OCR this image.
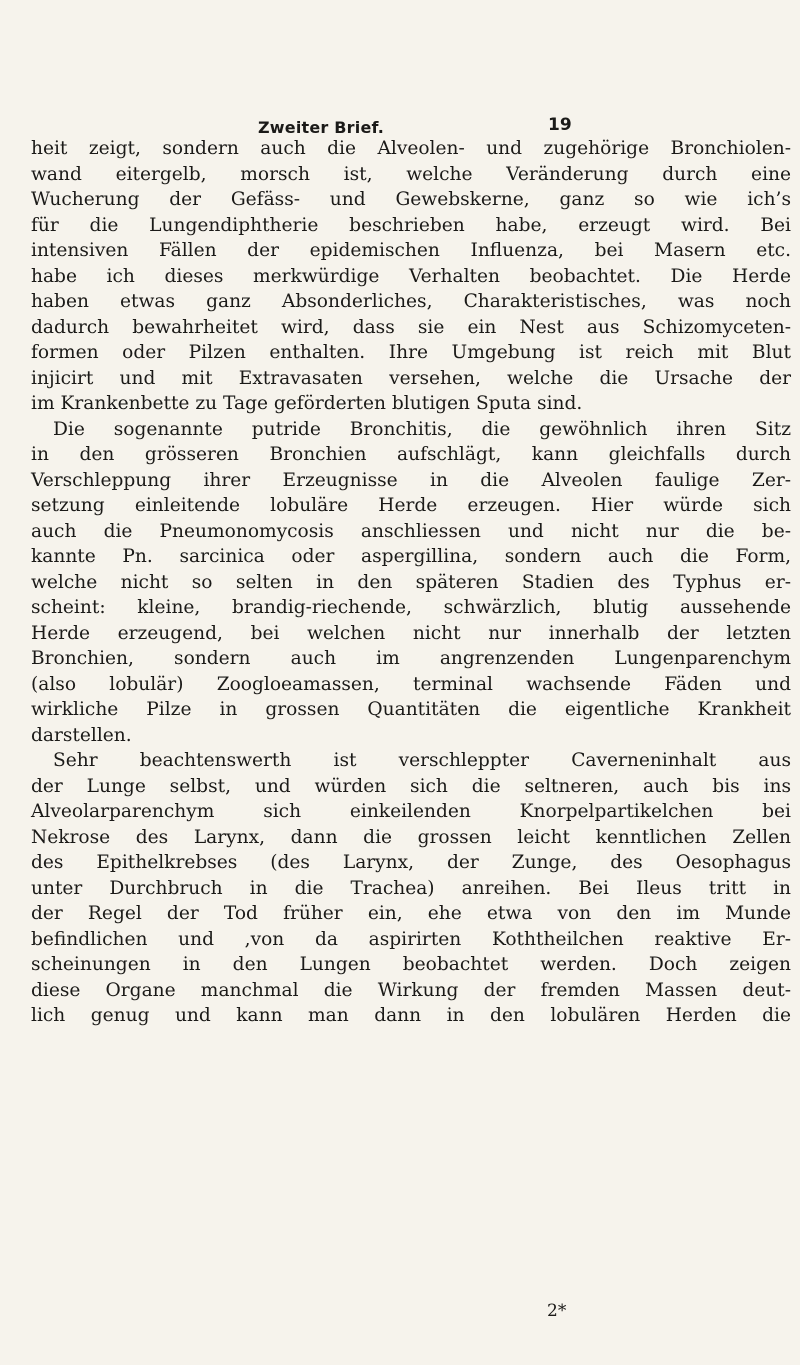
Zweiter Brief.	19
heit zeigt, sondern auch die Alveolen- und zugehörige Bronchiolen-
wand eitergelb, morsch ist, welche Veränderung durch eine
Wucherung der Gefäss- und Gewebskerne, ganz so wie ich’s
für die Lungendiphtherie beschrieben habe, erzeugt wird. Bei
intensiven Fällen der epidemischen Influenza, bei Masern etc.
habe ich dieses merkwürdige Verhalten beobachtet. Die Herde
haben etwas ganz Absonderliches, Charakteristisches, was noch
dadurch bewahrheitet wird, dass sie ein Nest aus Schizomyceten-
formen oder Pilzen enthalten. Ihre Umgebung ist reich mit Blut
injicirt und mit Extravasaten versehen, welche die Ursache der
im Krankenbette zu Tage geförderten blutigen Sputa sind.
Die sogenannte putride Bronchitis, die gewöhnlich ihren Sitz
in den grösseren Bronchien aufschlägt, kann gleichfalls durch
Verschleppung ihrer Erzeugnisse in die Alveolen faulige Zer-
setzung einleitende lobuläre Herde erzeugen. Hier würde sich
auch die Pneumonomycosis anschliessen und nicht nur die be-
kannte Pn. sarcinica oder aspergillina, sondern auch die Form,
welche nicht so selten in den späteren Stadien des Typhus er-
scheint: kleine, brandig-riechende, schwärzlich, blutig aussehende
Herde erzeugend, bei welchen nicht nur innerhalb der letzten
Bronchien, sondern auch im angrenzenden Lungenparenchym
(also lobulär) Zoogloeamassen, terminal wachsende Fäden und
wirkliche Pilze in grossen Quantitäten die eigentliche Krankheit
darstellen.
Sehr beachtenswerth ist verschleppter Caverneninhalt aus
der Lunge selbst, und würden sich die seltneren, auch bis ins
Alveolarparenchym sich einkeilenden Knorpelpartikelchen bei
Nekrose des Larynx, dann die grossen leicht kenntlichen Zellen
des Epithelkrebses (des Larynx, der Zunge, des Oesophagus
unter Durchbruch in die Trachea) anreihen. Bei Ileus tritt in
der Regel der Tod früher ein, ehe etwa von den im Munde
befindlichen und ,von da aspirirten Koththeilchen reaktive Er-
scheinungen in den Lungen beobachtet werden. Doch zeigen
diese Organe manchmal die Wirkung der fremden Massen deut-
lich genug und kann man dann in den lobulären Herden die
2*
